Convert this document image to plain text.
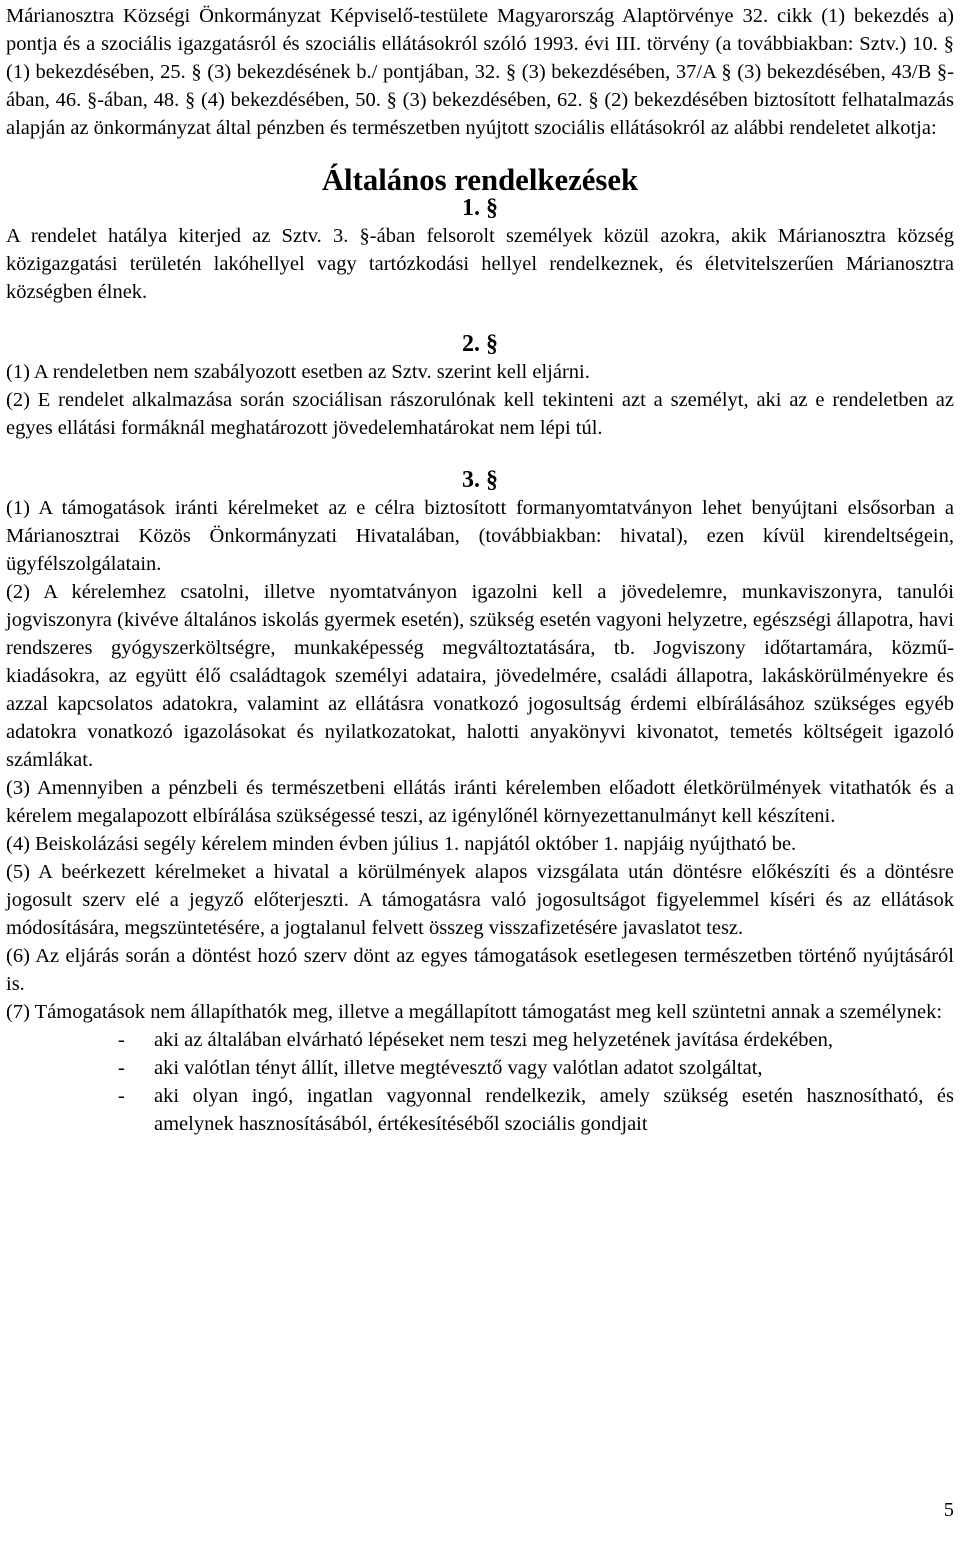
Márianosztra Községi Önkormányzat Képviselő-testülete Magyarország Alaptörvénye 32. cikk (1) bekezdés a) pontja és a szociális igazgatásról és szociális ellátásokról szóló 1993. évi III. törvény (a továbbiakban: Sztv.) 10. § (1) bekezdésében, 25. § (3) bekezdésének b./ pontjában, 32. § (3) bekezdésében, 37/A § (3) bekezdésében, 43/B §-ában, 46. §-ában, 48. § (4) bekezdésében, 50. § (3) bekezdésében, 62. § (2) bekezdésében biztosított felhatalmazás alapján az önkormányzat által pénzben és természetben nyújtott szociális ellátásokról az alábbi rendeletet alkotja:

Általános rendelkezések
1. §

A rendelet hatálya kiterjed az Sztv. 3. §-ában felsorolt személyek közül azokra, akik Márianosztra község közigazgatási területén lakóhellyel vagy tartózkodási hellyel rendelkeznek, és életvitelszerűen Márianosztra községben élnek.

2. §

(1) A rendeletben nem szabályozott esetben az Sztv. szerint kell eljárni.

(2) E rendelet alkalmazása során szociálisan rászorulónak kell tekinteni azt a személyt, aki az e rendeletben az egyes ellátási formáknál meghatározott jövedelemhatárokat nem lépi túl.

3. §

(1) A támogatások iránti kérelmeket az e célra biztosított formanyomtatványon lehet benyújtani elsősorban a Márianosztrai Közös Önkormányzati Hivatalában, (továbbiakban: hivatal), ezen kívül kirendeltségein, ügyfélszolgálatain.

(2) A kérelemhez csatolni, illetve nyomtatványon igazolni kell a jövedelemre, munkaviszonyra, tanulói jogviszonyra (kivéve általános iskolás gyermek esetén), szükség esetén vagyoni helyzetre, egészségi állapotra, havi rendszeres gyógyszerköltségre, munkaképesség megváltoztatására, tb. Jogviszony időtartamára, közmű-kiadásokra, az együtt élő családtagok személyi adataira, jövedelmére, családi állapotra, lakáskörülményekre és azzal kapcsolatos adatokra, valamint az ellátásra vonatkozó jogosultság érdemi elbírálásához szükséges egyéb adatokra vonatkozó igazolásokat és nyilatkozatokat, halotti anyakönyvi kivonatot, temetés költségeit igazoló számlákat.

(3) Amennyiben a pénzbeli és természetbeni ellátás iránti kérelemben előadott életkörülmények vitathatók és a kérelem megalapozott elbírálása szükségessé teszi, az igénylőnél környezettanulmányt kell készíteni.

(4) Beiskolázási segély kérelem minden évben július 1. napjától október 1. napjáig nyújtható be.

(5) A beérkezett kérelmeket a hivatal a körülmények alapos vizsgálata után döntésre előkészíti és a döntésre jogosult szerv elé a jegyző előterjeszti. A támogatásra való jogosultságot figyelemmel kíséri és az ellátások módosítására, megszüntetésére, a jogtalanul felvett összeg visszafizetésére javaslatot tesz.

(6) Az eljárás során a döntést hozó szerv dönt az egyes támogatások esetlegesen természetben történő nyújtásáról is.

(7) Támogatások nem állapíthatók meg, illetve a megállapított támogatást meg kell szüntetni annak a személynek:

- aki az általában elvárható lépéseket nem teszi meg helyzetének javítása érdekében,
- aki valótlan tényt állít, illetve megtévesztő vagy valótlan adatot szolgáltat,
- aki olyan ingó, ingatlan vagyonnal rendelkezik, amely szükség esetén hasznosítható, és amelynek hasznosításából, értékesítéséből szociális gondjait
5
